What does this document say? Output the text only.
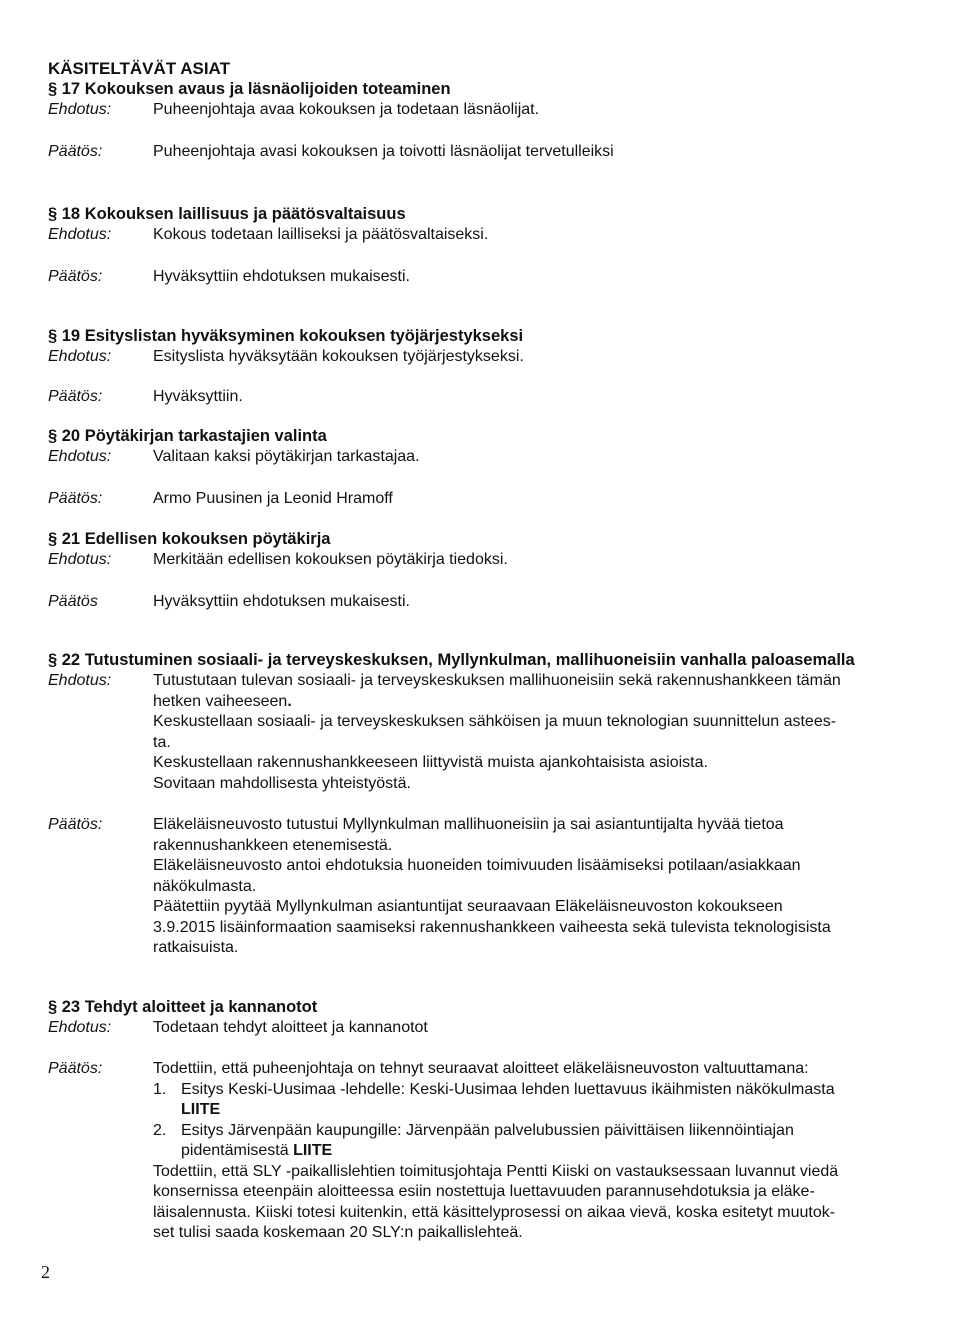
KÄSITELTÄVÄT ASIAT
§ 17 Kokouksen avaus ja läsnäolijoiden toteaminen
Ehdotus:	Puheenjohtaja avaa kokouksen ja todetaan läsnäolijat.
Päätös:	Puheenjohtaja avasi kokouksen ja toivotti läsnäolijat tervetulleiksi
§ 18 Kokouksen laillisuus ja päätösvaltaisuus
Ehdotus:	Kokous todetaan lailliseksi ja päätösvaltaiseksi.
Päätös:	Hyväksyttiin ehdotuksen mukaisesti.
§ 19 Esityslistan hyväksyminen kokouksen työjärjestykseksi
Ehdotus:	Esityslista hyväksytään kokouksen työjärjestykseksi.
Päätös:	Hyväksyttiin.
§ 20 Pöytäkirjan tarkastajien valinta
Ehdotus:	Valitaan kaksi pöytäkirjan tarkastajaa.
Päätös:	Armo Puusinen ja Leonid Hramoff
§ 21 Edellisen kokouksen pöytäkirja
Ehdotus:	Merkitään edellisen kokouksen pöytäkirja tiedoksi.
Päätös	Hyväksyttiin ehdotuksen mukaisesti.
§ 22 Tutustuminen sosiaali- ja terveyskeskuksen, Myllynkulman, mallihuoneisiin vanhalla paloasemalla
Ehdotus:	Tutustutaan tulevan sosiaali- ja terveyskeskuksen mallihuoneisiin sekä rakennushankkeen tämän
hetken vaiheeseen.
Keskustellaan sosiaali- ja terveyskeskuksen sähköisen ja muun teknologian suunnittelun astees-
ta.
Keskustellaan rakennushankkeeseen liittyvistä muista ajankohtaisista asioista.
Sovitaan mahdollisesta yhteistyöstä.
Päätös:	Eläkeläisneuvosto tutustui Myllynkulman mallihuoneisiin ja sai asiantuntijalta hyvää tietoa
rakennushankkeen etenemisestä.
Eläkeläisneuvosto antoi ehdotuksia huoneiden toimivuuden lisäämiseksi potilaan/asiakkaan
näkökulmasta.
Päätettiin pyytää Myllynkulman asiantuntijat seuraavaan Eläkeläisneuvoston kokoukseen
3.9.2015 lisäinformaation saamiseksi rakennushankkeen vaiheesta sekä tulevista teknologisista
ratkaisuista.
§ 23 Tehdyt aloitteet ja kannanotot
Ehdotus:	Todetaan tehdyt aloitteet ja kannanotot
Päätös:	Todettiin, että puheenjohtaja on tehnyt seuraavat aloitteet eläkeläisneuvoston valtuuttamana:
1. Esitys Keski-Uusimaa -lehdelle: Keski-Uusimaa lehden luettavuus ikäihmisten näkökulmasta
LIITE
2. Esitys Järvenpään kaupungille: Järvenpään palvelubussien päivittäisen liikennöintiajan
pidentämisestä LIITE
Todettiin, että SLY -paikallislehtien toimitusjohtaja Pentti Kiiski on vastauksessaan luvannut viedä
konsernissa eteenpäin aloitteessa esiin nostettuja luettavuuden parannusehdotuksia ja eläke-
läisalennusta. Kiiski totesi kuitenkin, että käsittelyprosessi on aikaa vievä, koska esitetyt muutok-
set tulisi saada koskemaan 20 SLY:n paikallislehteä.
2
